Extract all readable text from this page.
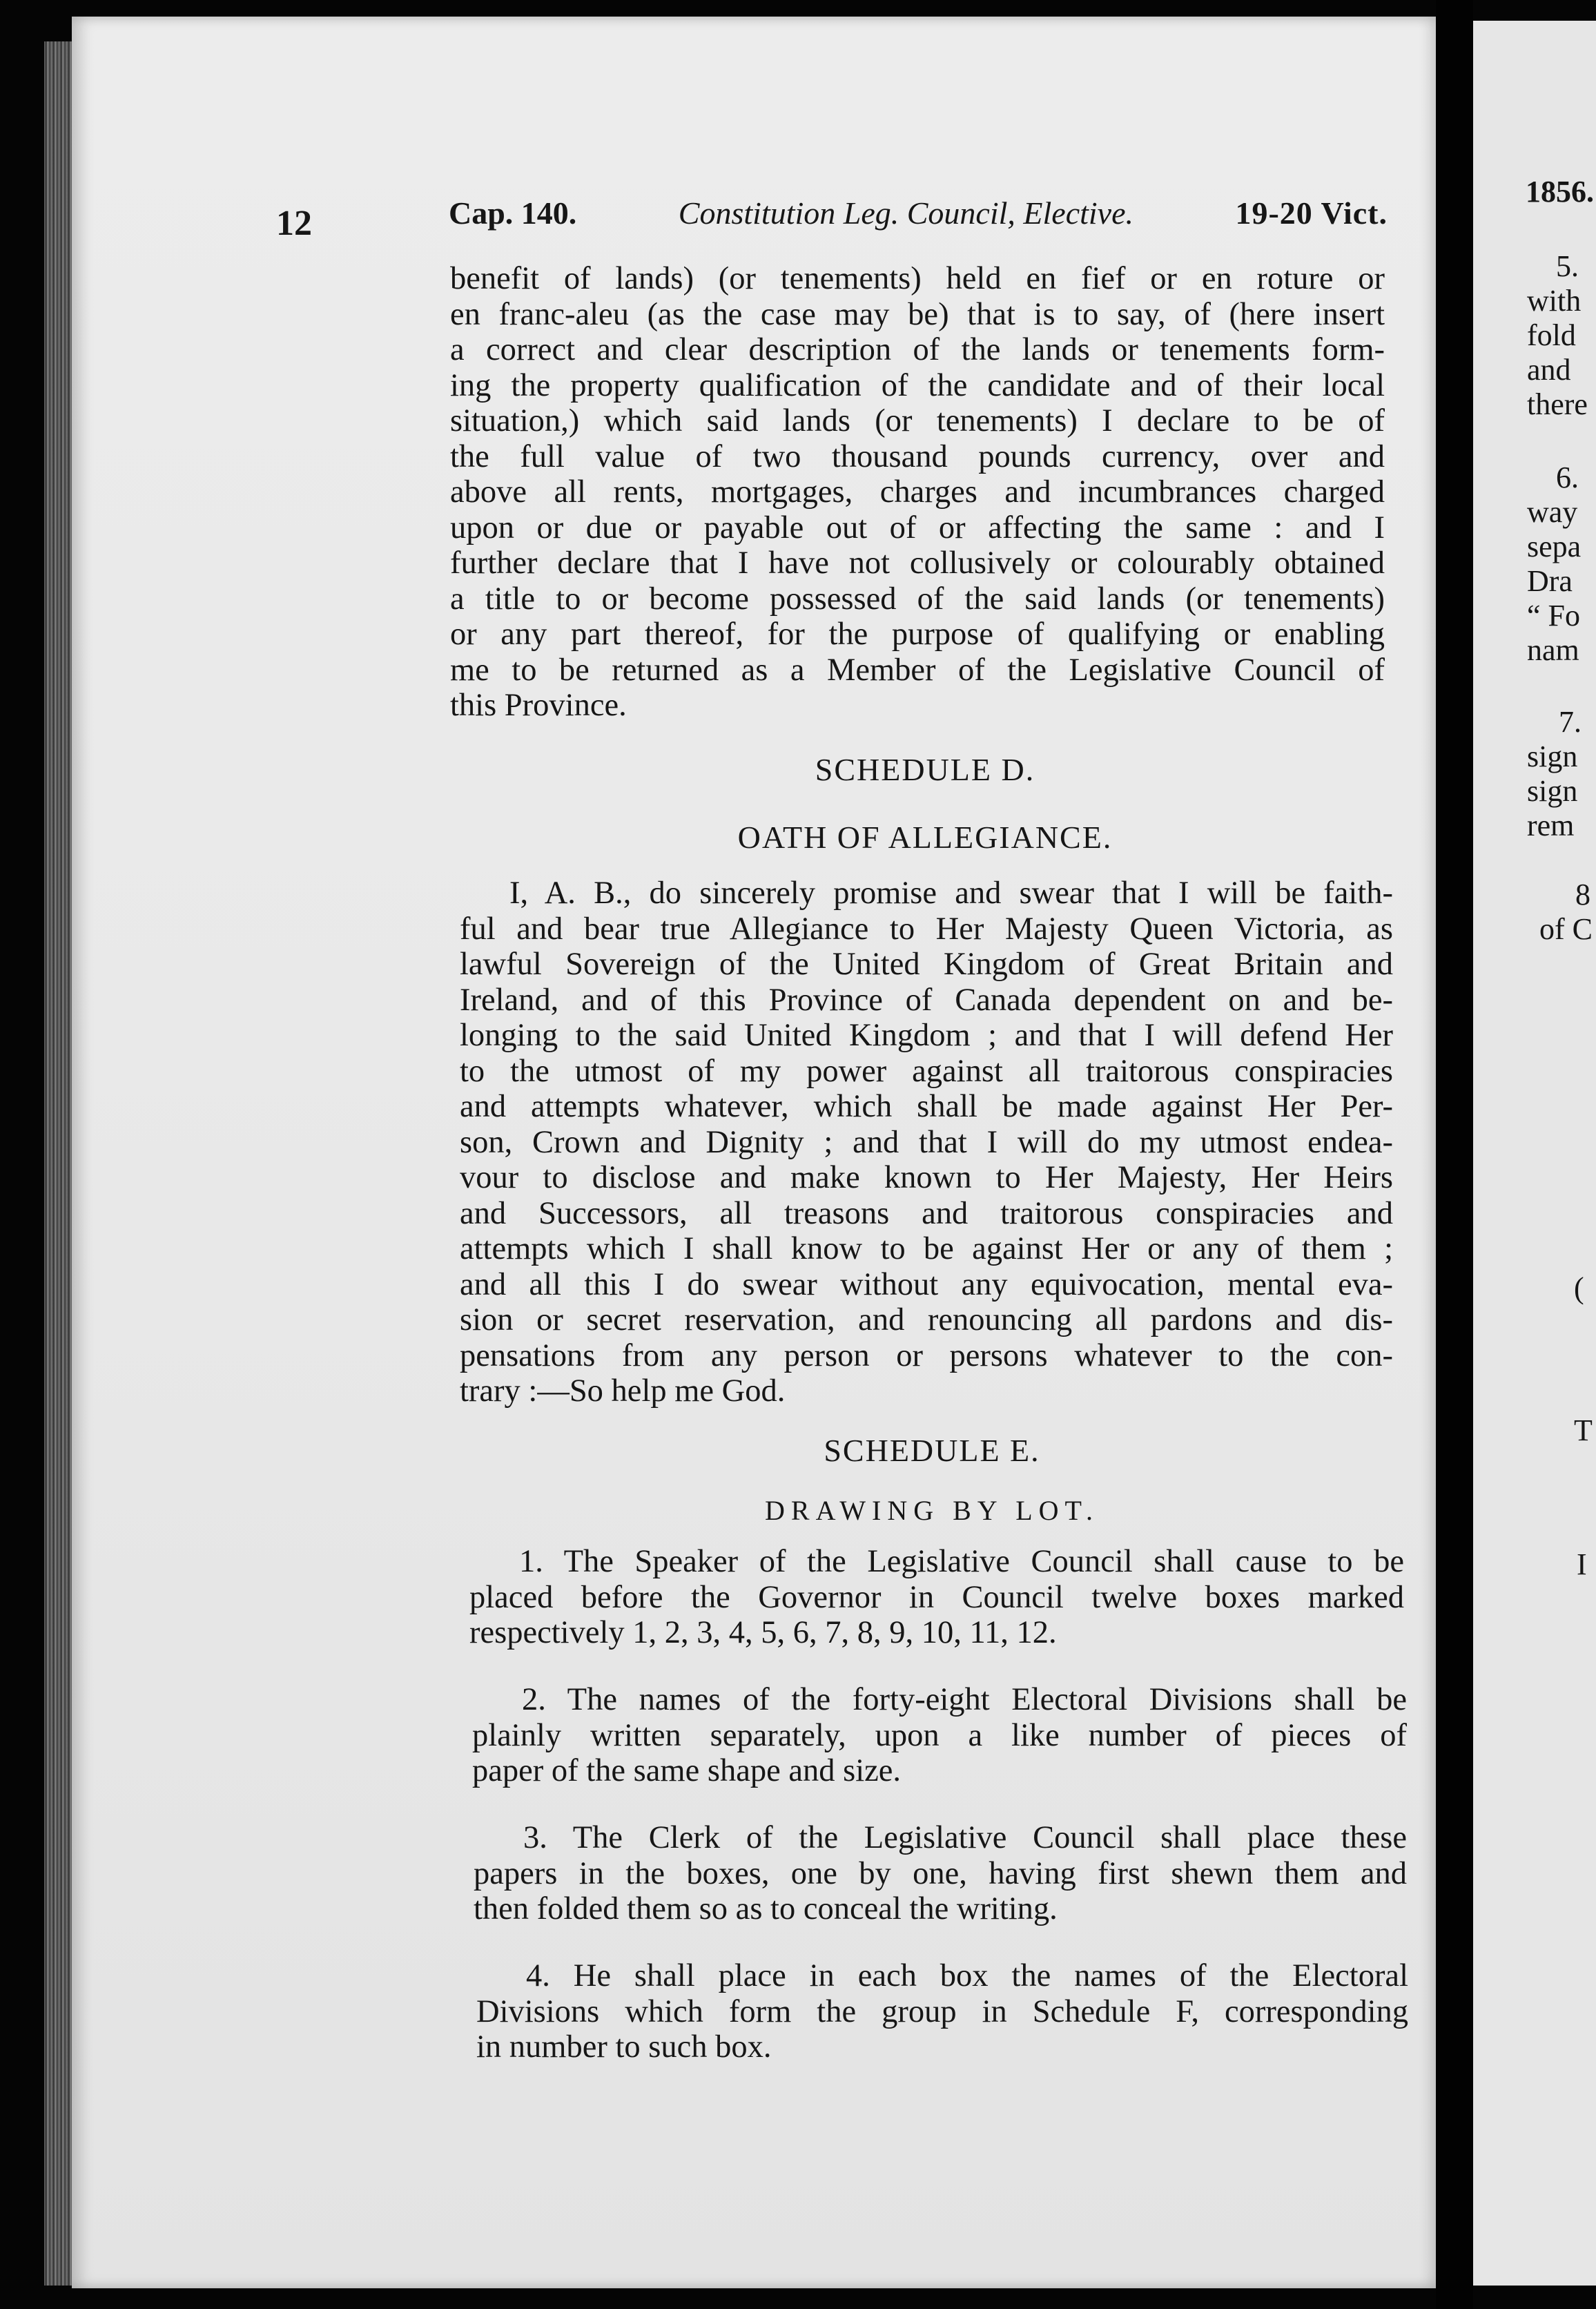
12	Cap. 140.	Constitution Leg. Council, Elective.	19-20 Vict.
benefit of lands) (or tenements) held en fief or en roture or
en franc-aleu (as the case may be) that is to say, of (here insert
a correct and clear description of the lands or tenements form-
ing the property qualification of the candidate and of their local
situation,) which said lands (or tenements) I declare to be of
the full value of two thousand pounds currency, over and
above all rents, mortgages, charges and incumbrances charged
upon or due or payable out of or affecting the same : and I
further declare that I have not collusively or colourably obtained
a title to or become possessed of the said lands (or tenements)
or any part thereof, for the purpose of qualifying or enabling
me to be returned as a Member of the Legislative Council of
this Province.
SCHEDULE D.
OATH OF ALLEGIANCE.
I, A. B., do sincerely promise and swear that I will be faith-
ful and bear true Allegiance to Her Majesty Queen Victoria, as
lawful Sovereign of the United Kingdom of Great Britain and
Ireland, and of this Province of Canada dependent on and be-
longing to the said United Kingdom ; and that I will defend Her
to the utmost of my power against all traitorous conspiracies
and attempts whatever, which shall be made against Her Per-
son, Crown and Dignity ; and that I will do my utmost endea-
vour to disclose and make known to Her Majesty, Her Heirs
and Successors, all treasons and traitorous conspiracies and
attempts which I shall know to be against Her or any of them ;
and all this I do swear without any equivocation, mental eva-
sion or secret reservation, and renouncing all pardons and dis-
pensations from any person or persons whatever to the con-
trary :—So help me God.
SCHEDULE E.
DRAWING BY LOT.
1. The Speaker of the Legislative Council shall cause to be
placed before the Governor in Council twelve boxes marked
respectively 1, 2, 3, 4, 5, 6, 7, 8, 9, 10, 11, 12.
2. The names of the forty-eight Electoral Divisions shall be
plainly written separately, upon a like number of pieces of
paper of the same shape and size.
3. The Clerk of the Legislative Council shall place these
papers in the boxes, one by one, having first shewn them and
then folded them so as to conceal the writing.
4. He shall place in each box the names of the Electoral
Divisions which form the group in Schedule F, corresponding
in number to such box.
1856.
5.
with
fold
and
there
6.
way
sepa
Dra
“ Fo
nam
7.
sign
sign
rem
8
of C
(
T
I
